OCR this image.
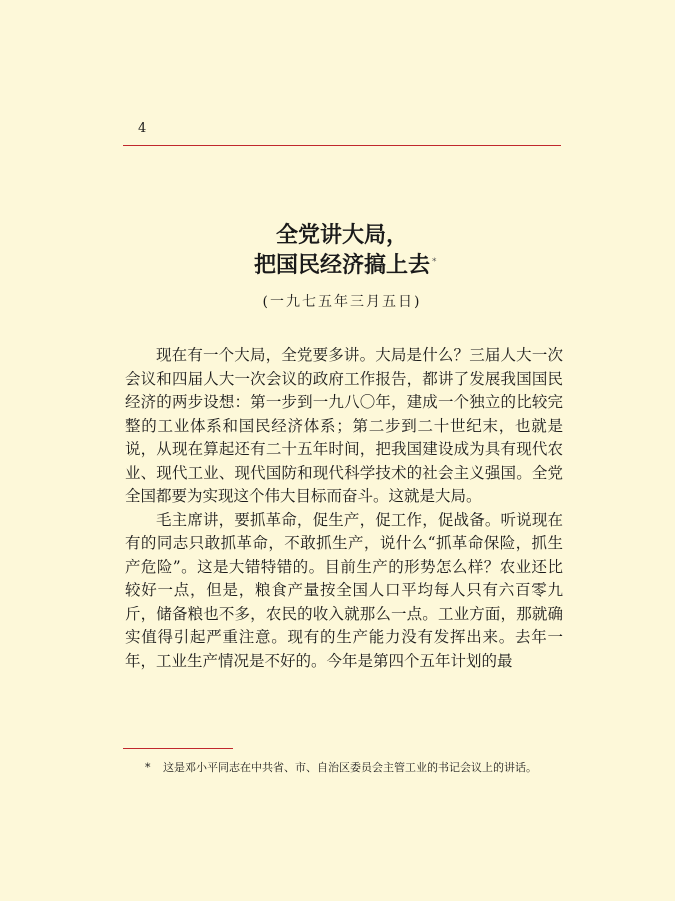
4
全党讲大局，
把国民经济搞上去 *
(一九七五年三月五日)

现在有一个大局，全党要多讲。大局是什么？三届人大一次会议和四届人大一次会议的政府工作报告，都讲了发展我国国民经济的两步设想：第一步到一九八〇年，建成一个独立的比较完整的工业体系和国民经济体系；第二步到二十世纪末，也就是说，从现在算起还有二十五年时间，把我国建设成为具有现代农业、现代工业、现代国防和现代科学技术的社会主义强国。全党全国都要为实现这个伟大目标而奋斗。这就是大局。

毛主席讲，要抓革命，促生产，促工作，促战备。听说现在有的同志只敢抓革命，不敢抓生产，说什么“抓革命保险，抓生产危险”。这是大错特错的。目前生产的形势怎么样？农业还比较好一点，但是，粮食产量按全国人口平均每人只有六百零九斤，储备粮也不多，农民的收入就那么一点。工业方面，那就确实值得引起严重注意。现有的生产能力没有发挥出来。去年一年，工业生产情况是不好的。今年是第四个五年计划的最

* 这是邓小平同志在中共省、市、自治区委员会主管工业的书记会议上的讲话。
